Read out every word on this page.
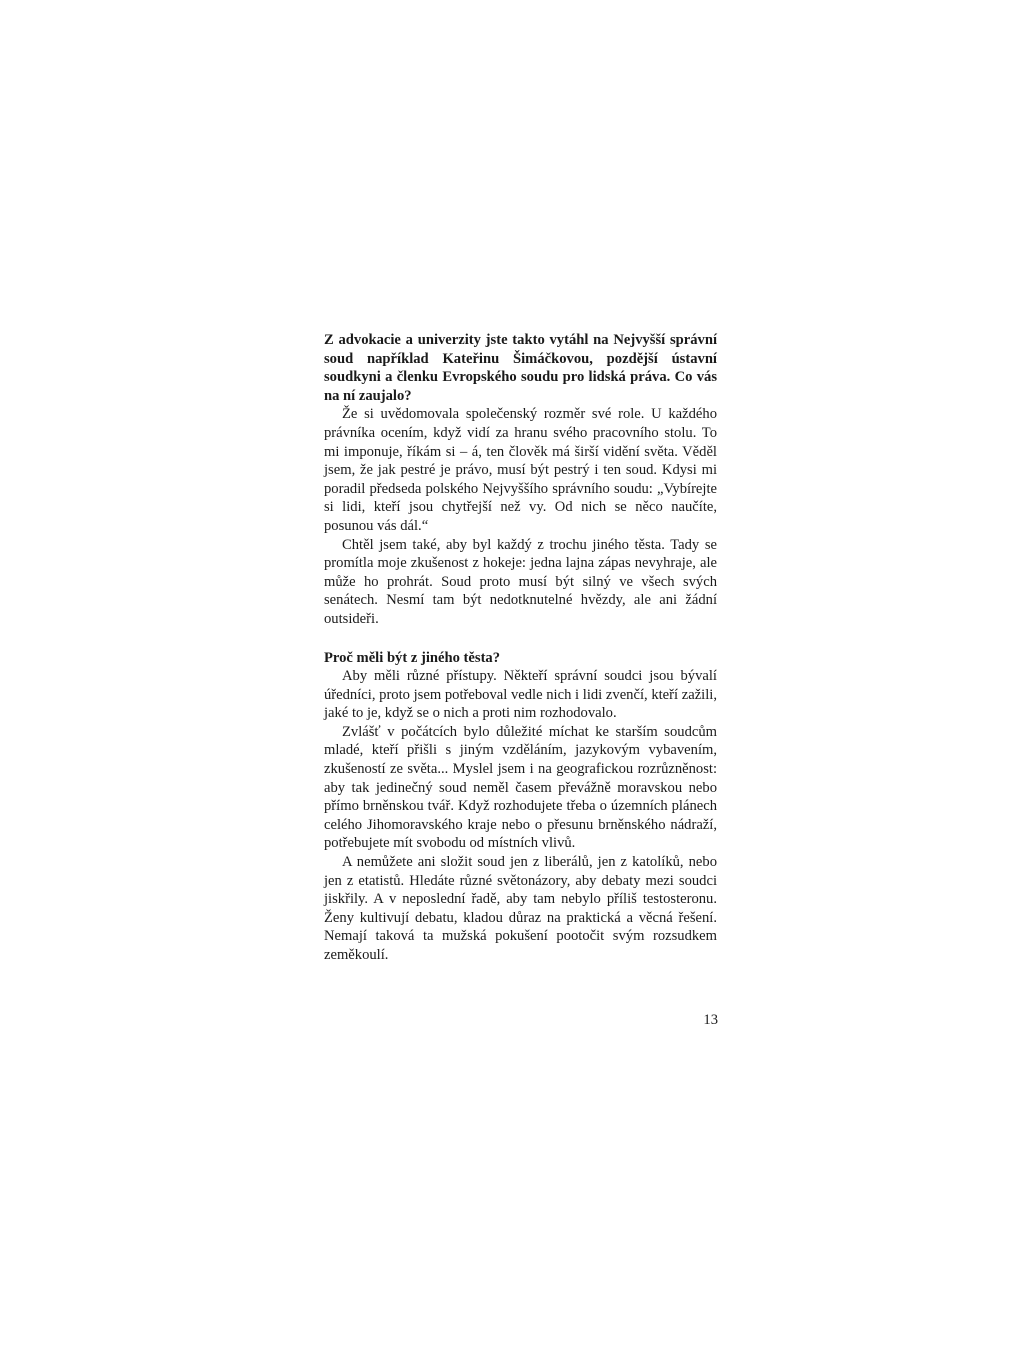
Z advokacie a univerzity jste takto vytáhl na Nejvyšší správní soud například Kateřinu Šimáčkovou, pozdější ústavní soudkyni a členku Evropského soudu pro lidská práva. Co vás na ní zaujalo?

Že si uvědomovala společenský rozměr své role. U každého právníka ocením, když vidí za hranu svého pracovního stolu. To mi imponuje, říkám si – á, ten člověk má širší vidění světa. Věděl jsem, že jak pestré je právo, musí být pestrý i ten soud. Kdysi mi poradil předseda polského Nejvyššího správního soudu: „Vybírejte si lidi, kteří jsou chytřejší než vy. Od nich se něco naučíte, posunou vás dál.“

Chtěl jsem také, aby byl každý z trochu jiného těsta. Tady se promítla moje zkušenost z hokeje: jedna lajna zápas nevyhraje, ale může ho prohrát. Soud proto musí být silný ve všech svých senátech. Nesmí tam být nedotknutelné hvězdy, ale ani žádní outsideři.

Proč měli být z jiného těsta?

Aby měli různé přístupy. Někteří správní soudci jsou bývalí úředníci, proto jsem potřeboval vedle nich i lidi zvenčí, kteří zažili, jaké to je, když se o nich a proti nim rozhodovalo.

Zvlášť v počátcích bylo důležité míchat ke starším soudcům mladé, kteří přišli s jiným vzděláním, jazykovým vybavením, zkušeností ze světa... Myslel jsem i na geografickou rozrůzněnost: aby tak jedinečný soud neměl časem převážně moravskou nebo přímo brněnskou tvář. Když rozhodujete třeba o územních plánech celého Jihomoravského kraje nebo o přesunu brněnského nádraží, potřebujete mít svobodu od místních vlivů.

A nemůžete ani složit soud jen z liberálů, jen z katolíků, nebo jen z etatistů. Hledáte různé světonázory, aby debaty mezi soudci jiskřily. A v neposlední řadě, aby tam nebylo příliš testosteronu. Ženy kultivují debatu, kladou důraz na praktická a věcná řešení. Nemají taková ta mužská pokušení pootočit svým rozsudkem zeměkoulí.

13
